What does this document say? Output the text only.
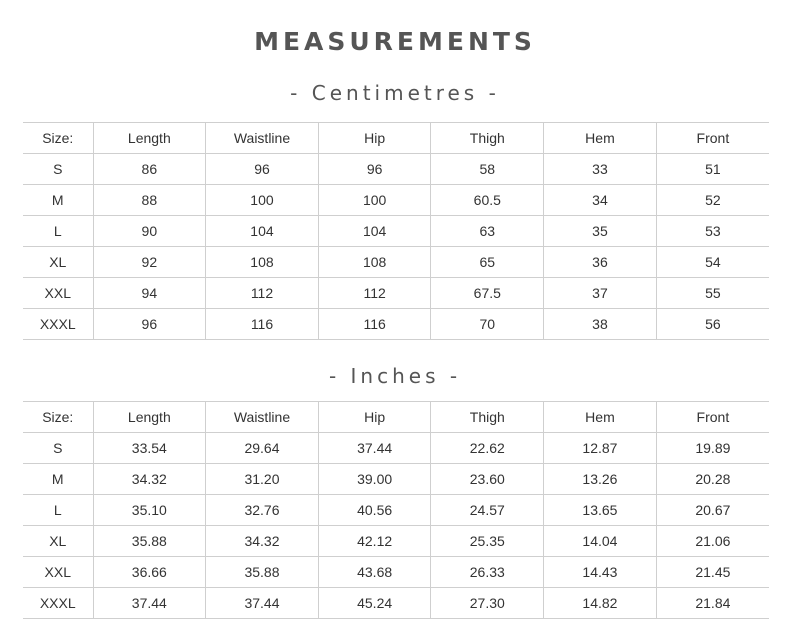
MEASUREMENTS
- Centimetres -
Size:	Length	Waistline	Hip	Thigh	Hem	Front
S	86	96	96	58	33	51
M	88	100	100	60.5	34	52
L	90	104	104	63	35	53
XL	92	108	108	65	36	54
XXL	94	112	112	67.5	37	55
XXXL	96	116	116	70	38	56
- Inches -
Size:	Length	Waistline	Hip	Thigh	Hem	Front
S	33.54	29.64	37.44	22.62	12.87	19.89
M	34.32	31.20	39.00	23.60	13.26	20.28
L	35.10	32.76	40.56	24.57	13.65	20.67
XL	35.88	34.32	42.12	25.35	14.04	21.06
XXL	36.66	35.88	43.68	26.33	14.43	21.45
XXXL	37.44	37.44	45.24	27.30	14.82	21.84
